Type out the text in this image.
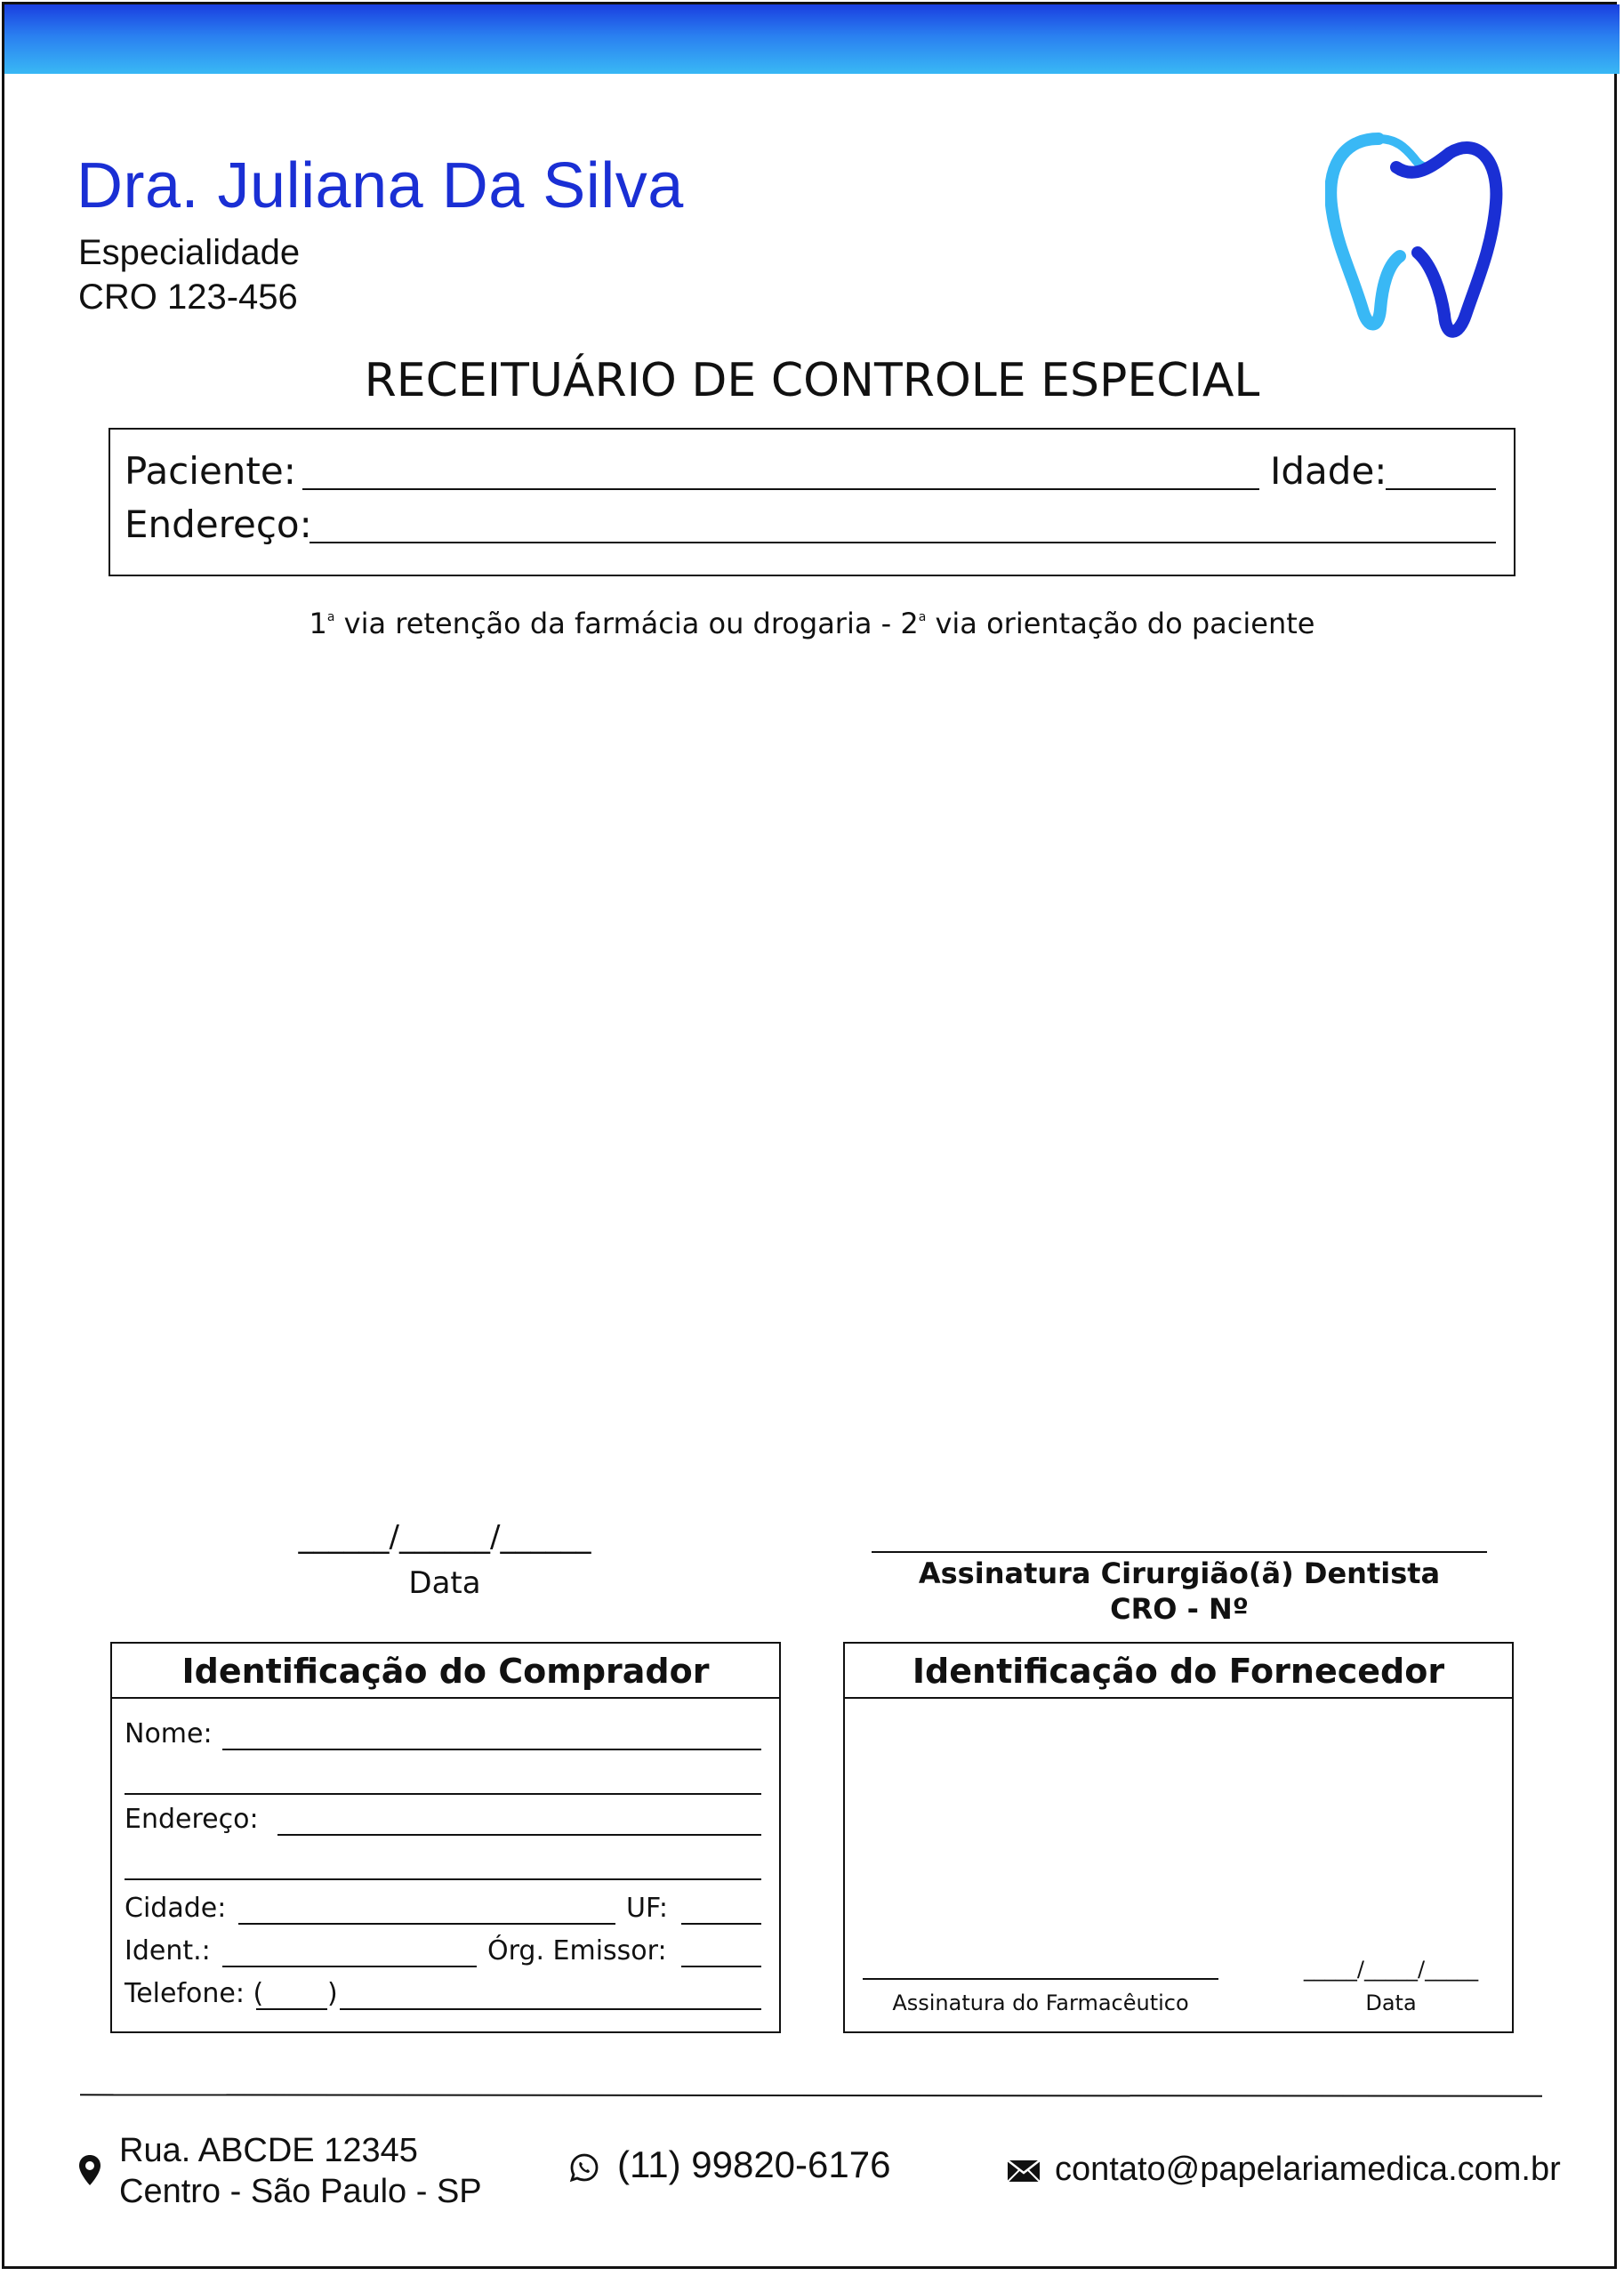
Dra. Juliana Da Silva
Especialidade
CRO 123-456
RECEITUÁRIO DE CONTROLE ESPECIAL
Paciente:	Idade:
Endereço:
1$^a$ via retenção da farmácia ou drogaria - 2$^a$ via orientação do paciente
______/______/______
Data	Assinatura Cirurgião(ã) Dentista
CRO - Nº
Identificação do Comprador
Nome:
Endereço:
Cidade:	UF:
Ident.:	Órg. Emissor:
Telefone: ( )
Identificação do Fornecedor
Assinatura do Farmacêutico
_____/_____/_____
Data
Rua. ABCDE 12345
Centro - São Paulo - SP
(11) 99820-6176	contato@papelariamedica.com.br
